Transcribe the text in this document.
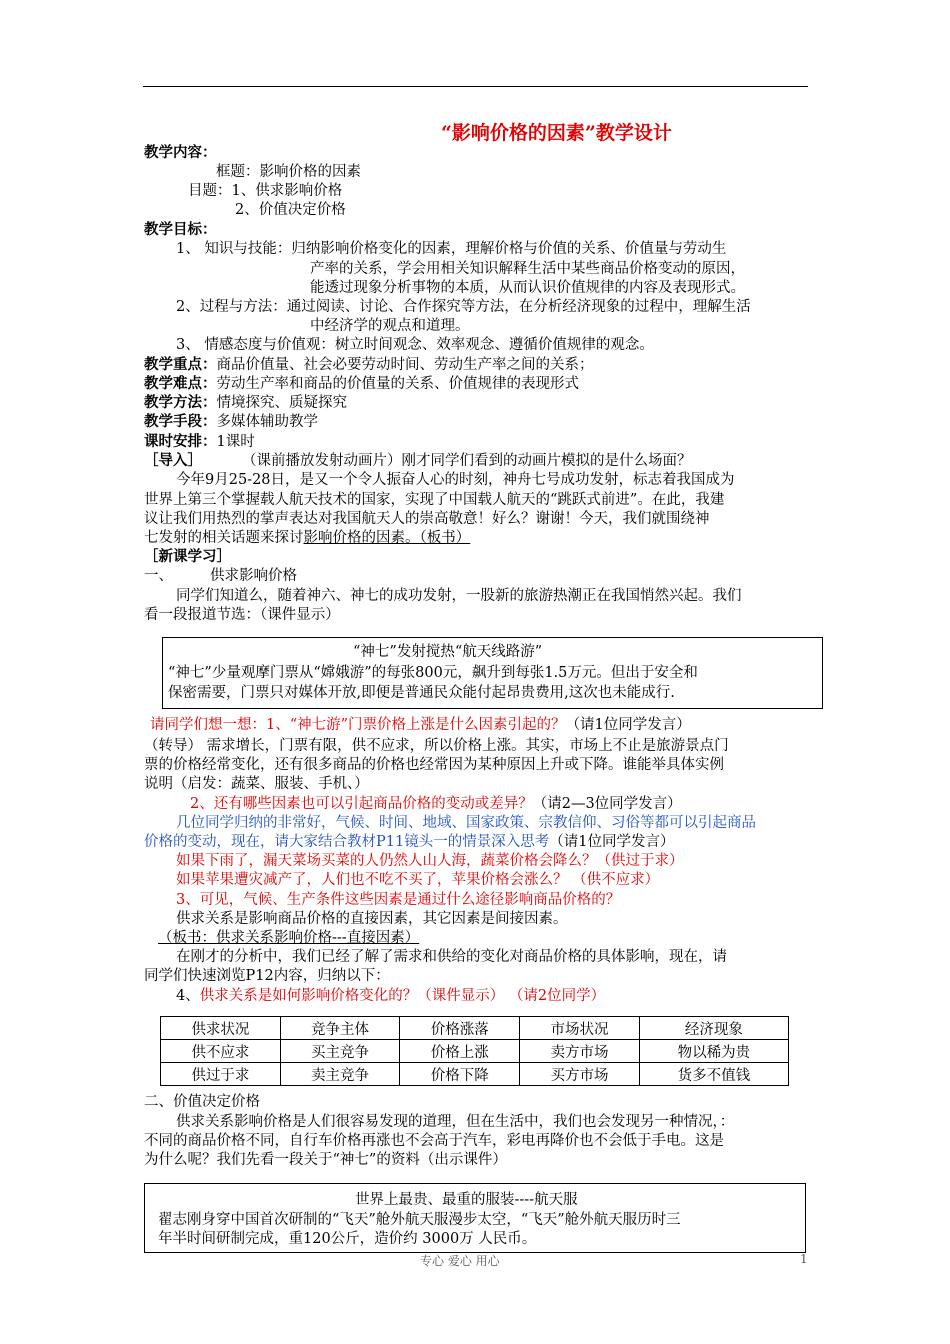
“影响价格的因素”教学设计
教学内容：
框题：影响价格的因素
目题：1、供求影响价格
2、价值决定价格
教学目标：
1、 知识与技能：归纳影响价格变化的因素，理解价格与价值的关系、价值量与劳动生
产率的关系，学会用相关知识解释生活中某些商品价格变动的原因，
能透过现象分析事物的本质，从而认识价值规律的内容及表现形式。
2、过程与方法：通过阅读、讨论、合作探究等方法，在分析经济现象的过程中，理解生活
中经济学的观点和道理。
3、 情感态度与价值观：树立时间观念、效率观念、遵循价值规律的观念。
教学重点：商品价值量、社会必要劳动时间、劳动生产率之间的关系；
教学难点：劳动生产率和商品的价值量的关系、价值规律的表现形式
教学方法：情境探究、质疑探究
教学手段：多媒体辅助教学
课时安排：1课时
［导入］	（课前播放发射动画片）刚才同学们看到的动画片模拟的是什么场面？
今年9月25-28日，是又一个令人振奋人心的时刻，神舟七号成功发射，标志着我国成为
世界上第三个掌握载人航天技术的国家，实现了中国载人航天的“跳跃式前进”。在此，我建
议让我们用热烈的掌声表达对我国航天人的崇高敬意！好么？谢谢！今天，我们就围绕神
七发射的相关话题来探讨影响价格的因素。（板书）
［新课学习］
一、	供求影响价格
同学们知道么，随着神六、神七的成功发射，一股新的旅游热潮正在我国悄然兴起。我们
看一段报道节选：（课件显示）
“神七”发射搅热“航天线路游”
“神七”少量观摩门票从“嫦娥游”的每张800元，飙升到每张1.5万元。但出于安全和
保密需要，门票只对媒体开放,即便是普通民众能付起昂贵费用,这次也未能成行.
请同学们想一想：1、“神七游”门票价格上涨是什么因素引起的？（请1位同学发言）
（转导） 需求增长，门票有限，供不应求，所以价格上涨。其实，市场上不止是旅游景点门
票的价格经常变化，还有很多商品的价格也经常因为某种原因上升或下降。谁能举具体实例
说明（启发：蔬菜、服装、手机、）
2、还有哪些因素也可以引起商品价格的变动或差异？（请2—3位同学发言）
几位同学归纳的非常好，气候、时间、地域、国家政策、宗教信仰、习俗等都可以引起商品
价格的变动，现在，请大家结合教材P11镜头一的情景深入思考（请1位同学发言）
如果下雨了，漏天菜场买菜的人仍然人山人海，蔬菜价格会降么？（供过于求）
如果苹果遭灾减产了，人们也不吃不买了，苹果价格会涨么？ （供不应求）
3、可见，气候、生产条件这些因素是通过什么途径影响商品价格的？
供求关系是影响商品价格的直接因素，其它因素是间接因素。
（板书：供求关系影响价格---直接因素）
在刚才的分析中，我们已经了解了需求和供给的变化对商品价格的具体影响，现在，请
同学们快速浏览P12内容，归纳以下：
4、供求关系是如何影响价格变化的？（课件显示） （请2位同学）
供求状况	竞争主体	价格涨落	市场状况	经济现象
供不应求	买主竞争	价格上涨	卖方市场	物以稀为贵
供过于求	卖主竞争	价格下降	买方市场	货多不值钱
二、价值决定价格
供求关系影响价格是人们很容易发现的道理，但在生活中，我们也会发现另一种情况，：
不同的商品价格不同，自行车价格再涨也不会高于汽车，彩电再降价也不会低于手电。这是
为什么呢？我们先看一段关于“神七”的资料（出示课件）
世界上最贵、最重的服装----航天服
翟志刚身穿中国首次研制的“飞天”舱外航天服漫步太空，“飞天”舱外航天服历时三
年半时间研制完成，重120公斤，造价约 3000万 人民币。
专心 爱心 用心	1
